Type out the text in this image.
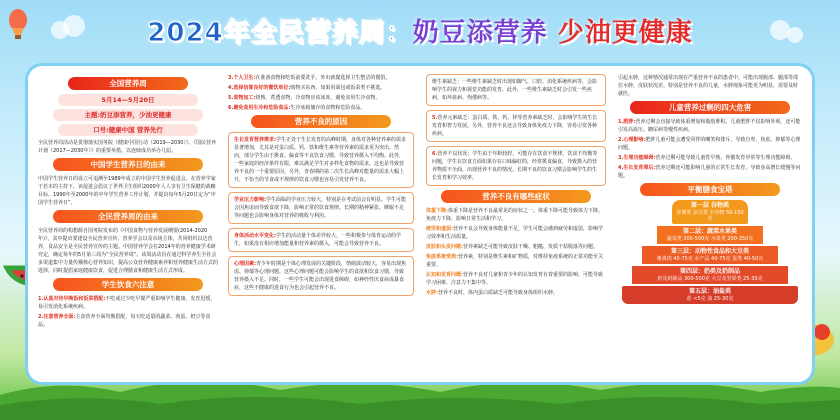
2024年全民营养周：奶豆添营养 少油更健康
全国营养周
5月14—5月20日
主题:奶豆添营养，少油更健康
口号:健康中国 营养先行

全民营养周活动是贯彻落实国务院《健康中国行动（2019—2030）》、《国民营养计划（2017—2030年）》的重要举措。以连续成功举办几届。

中国学生营养日的由来

中国学生营养日的设立可追溯至1989年成立的中国学生营养促进会。在营养学家于若木的主持下，该促进会倡议了世界卫生组织2000年人人享有卫生保健的战略目标。1990年至2000年的中年学生营养工作计划，并提出每年5月20日定为“中国学生营养日”。

全民营养周的由来

全民营养周的构想源自国务院发布的《中国食物与营养发展纲要(2014-2020年)》，其中提出要建设全民营养宣传。营养学会以及市场主体，共同组织以达营养，食品安全是全民营养宣传的主题。中国营养学会在2014年的营养健康学术研究定，确定每年的5月第三周为“全民营养周”。该周活动旨在通过科学养生全社会多渠道集中力量传播核心营养知识，提高公众营养健康素养和营养健康生活方式的选择，同时提倡家庭健康饮食，促进合理膳食和健康生活方式形成。

学生饮食六注意

1.认真对待早晚饭和饭菜搭配:不吃或过少吃早餐严重影响学生健康，发育迟缓，易引发消化系统疾病。

2.注意营养全面:主食营养全面均衡搭配，每天吃适量的蔬菜、肉蛋、奶豆等食品。

3.个人卫生:在准备食物和吃饭前要洗手，外出就餐选择卫生整洁的餐馆。

4.选择信誉良好的餐饮单位:购物买东西，如果用面包或饭菜类不挑选。

5.食物加工:烧熟、煮透食物，冷食物应该冰冻，避免食用生冷食物。

6.避免食用生冷和危险食品:生冷冰箱储存的食物和危险食品。

营养不良的原因
生长发育营养需求:学生正处于生长发育的高峰时期，身体对各种营养素的需求显著增加，尤其是对蛋白质、钙、铁和维生素等营养素的需求更为突出。然而，部分学生由于挑食、偏食等不良饮食习惯，导致营养摄入不均衡。此外，一些家庭的经济条件有限，难以满足学生对多样化食物的需求，这也是导致营养不良的一个重要原因。另外，青春期的第二次生长高峰对能量的需求大幅上升，不恰当的节食或不规律的饮食习惯也容易引发营养不良。
学业压力影响:学生面临的学业压力较大，特别是在考试前会有明显。学生可能会因焦虑而导致食欲下降，影响正常的饮食规律。长期的精神紧张、睡眠不足等问题也会影响身体对营养的吸收与利用。
身体活动水平变化:学生的活动量个体差异较大，一些积极参与体育运动的学生，如果没有相应增加能量和营养素的摄入，可能会导致营养不良。
心理因素:青少年时期是个体心理发展的关键阶段，情绪波动较大，容易出现焦虑、抑郁等心理问题。这些心理问题可能会影响学生的食欲和饮食习惯，导致营养摄入不足。同时，一些学生可能会出现进食障碍，如神经性厌食症或暴食症，这些不健康的进食行为也会引起营养不良。
维生素缺乏：一些维生素缺乏时出现如脚气、口腔、消化系统疾病等，会影响学生的视力和视觉功能的发育。此外，一些维生素缺乏时会引发一些疾病，如坏血病、佝偻病等。
5.营养元素缺乏：蛋白质、铁、钙、锌等营养素缺乏时，会影响学生的生长发育和智力发展。另外，营养不良还会导致身体免疫力下降，容易引发各种疾病。
6.营养不良状况：学生由于年龄较轻，可能存在饮食不规律、饮食不均衡等问题，学生在饮食方面如果存在口味偏好的，经常挑食偏食，导致摄入的营养物质不全面，出现营养不良的情况。长期不良的饮食习惯会影响学生的生长发育和学习效率。
营养不良有哪些症状

体重下降:体重下降是营养不良最常见的症状之一。体重下降可能导致体力下降、免疫力下降，影响日常生活和学习。

疲劳和虚弱:营养不良会导致身体能量不足，学生可能会感到疲劳和虚弱，影响学习效率和生活质量。

皮肤和头发问题:营养素缺乏可能导致皮肤干燥、粗糙、发质干枯脱落等问题。

免疫系统受损:营养素，特别是维生素和矿物质，对维持免疫系统的正常功能至关重要。

认知和发育问题:营养不良对儿童和青少年的认知发育有着重要的影响，可能导致学习困难、注意力不集中等。

水肿:营养不良时，体内蛋白质缺乏可能导致身体组织水肿。

引起水肿，这种情况通常出现在严重营养不良的患者中。可能出现腹部、腿部等部位水肿，皮肤状况差。特别是营养不良的儿童，水肿现象可能更为明显，需要及时就医。

儿童营养过剩的四大危害

1.肥胖:营养过剩会直接导致体重增加和脂肪堆积。儿童肥胖不仅影响外观，还可能引发高血压、糖尿病等慢性疾病。

2.心理影响:肥胖儿童可能会遭受同伴的嘲笑和排斥，导致自卑、焦虑、抑郁等心理问题。

3.生理功能障碍:营养过剩可能导致儿童性早熟、骨骼发育异常等生理功能障碍。

4.生长发育滞后:营养过剩还可能影响儿童的正常生长发育，导致身高增长缓慢等问题。

平衡膳食宝塔
第一层 谷物类
谷薯类 杂豆类 全谷物 50-150克
第二层：蔬菜水果类
蔬菜类 300-500克 水果类 200-350克
第三层：动物性食品和大豆类
畜禽肉 40-75克 水产品 40-75克 蛋类 40-50克
第四层：奶类及奶制品
奶及奶制品 300-500克 大豆及坚果类 25-35克
第五层：油盐类
盐 <5克 油 25-30克
